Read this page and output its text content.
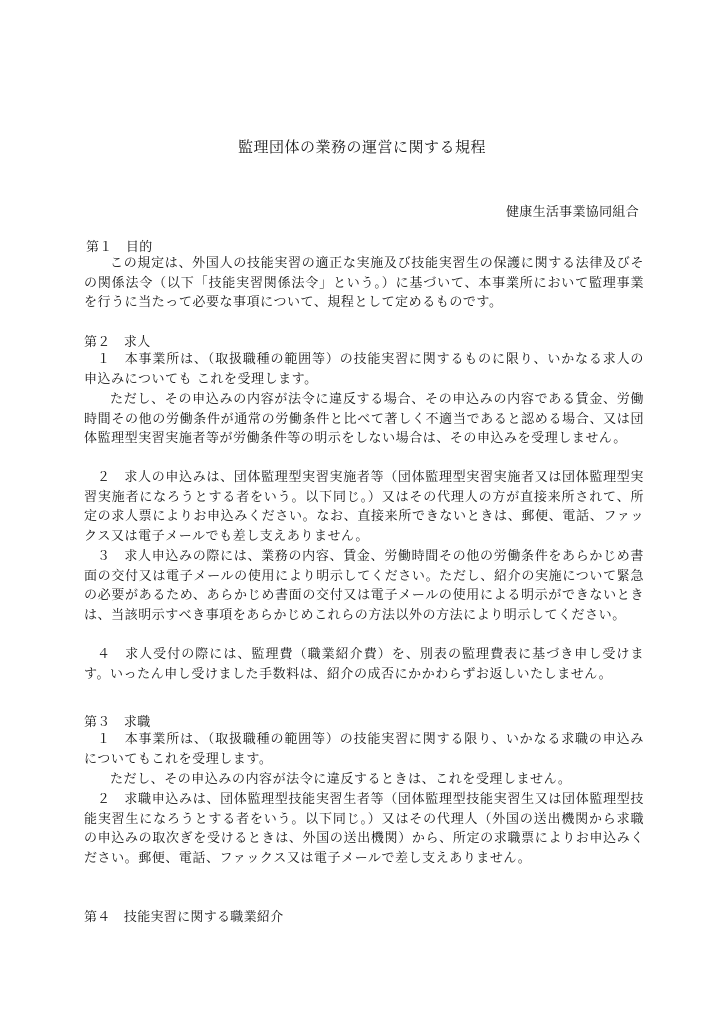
監理団体の業務の運営に関する規程
健康生活事業協同組合
第１　目的
この規定は、外国人の技能実習の適正な実施及び技能実習生の保護に関する法律及びその関係法令（以下「技能実習関係法令」という。）に基づいて、本事業所において監理事業を行うに当たって必要な事項について、規程として定めるものです。
第２　求人
１　本事業所は、（取扱職種の範囲等）の技能実習に関するものに限り、いかなる求人の申込みについても これを受理します。
ただし、その申込みの内容が法令に違反する場合、その申込みの内容である賃金、労働時間その他の労働条件が通常の労働条件と比べて著しく不適当であると認める場合、又は団体監理型実習実施者等が労働条件等の明示をしない場合は、その申込みを受理しません。
２　求人の申込みは、団体監理型実習実施者等（団体監理型実習実施者又は団体監理型実習実施者になろうとする者をいう。以下同じ。）又はその代理人の方が直接来所されて、所定の求人票によりお申込みください。なお、直接来所できないときは、郵便、電話、ファックス又は電子メールでも差し支えありません。
３　求人申込みの際には、業務の内容、賃金、労働時間その他の労働条件をあらかじめ書面の交付又は電子メールの使用により明示してください。ただし、紹介の実施について緊急の必要があるため、あらかじめ書面の交付又は電子メールの使用による明示ができないときは、当該明示すべき事項をあらかじめこれらの方法以外の方法により明示してください。
４　求人受付の際には、監理費（職業紹介費）を、別表の監理費表に基づき申し受けます。いったん申し受けました手数料は、紹介の成否にかかわらずお返しいたしません。
第３　求職
１　本事業所は、（取扱職種の範囲等）の技能実習に関する限り、いかなる求職の申込みについてもこれを受理します。
ただし、その申込みの内容が法令に違反するときは、これを受理しません。
２　求職申込みは、団体監理型技能実習生者等（団体監理型技能実習生又は団体監理型技能実習生になろうとする者をいう。以下同じ。）又はその代理人（外国の送出機関から求職の申込みの取次ぎを受けるときは、外国の送出機関）から、所定の求職票によりお申込みください。郵便、電話、ファックス又は電子メールで差し支えありません。
第４　技能実習に関する職業紹介
